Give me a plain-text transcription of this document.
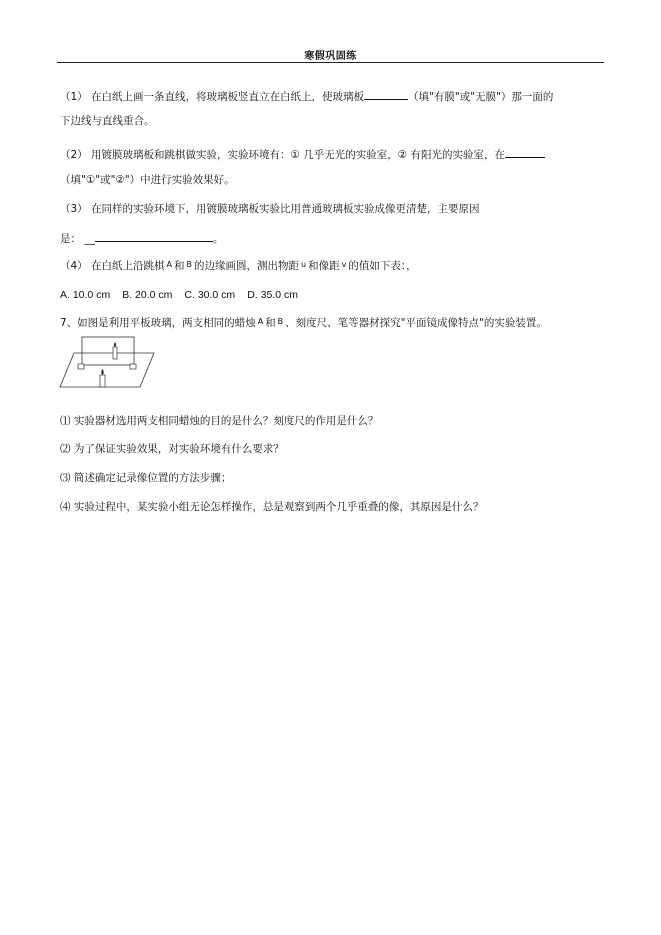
寒假巩固练
（1） 在白纸上画一条直线，将玻璃板竖直立在白纸上，使玻璃板	（填"有膜"或"无膜"）那一面的
下边线与直线重合。
（2） 用镀膜玻璃板和跳棋做实验，实验环境有：① 几乎无光的实验室，② 有阳光的实验室，在
（填"①"或"②"）中进行实验效果好。
（3） 在同样的实验环境下，用镀膜玻璃板实验比用普通玻璃板实验成像更清楚，主要原因
是： __	。
（4） 在白纸上沿跳棋 A 和 B 的边缘画圆，测出物距 u 和像距 v 的值如下表：，
A. 10.0 cm B. 20.0 cm C. 30.0 cm D. 35.0 cm
7、如图是利用平板玻璃，两支相同的蜡烛 A 和 B 、刻度尺、笔等器材探究"平面镜成像特点"的实验装置。
⑴ 实验器材选用两支相同蜡烛的目的是什么？刻度尺的作用是什么？
⑵ 为了保证实验效果，对实验环境有什么要求？
⑶ 简述确定记录像位置的方法步骤；
⑷ 实验过程中，某实验小组无论怎样操作，总是观察到两个几乎重叠的像，其原因是什么？
